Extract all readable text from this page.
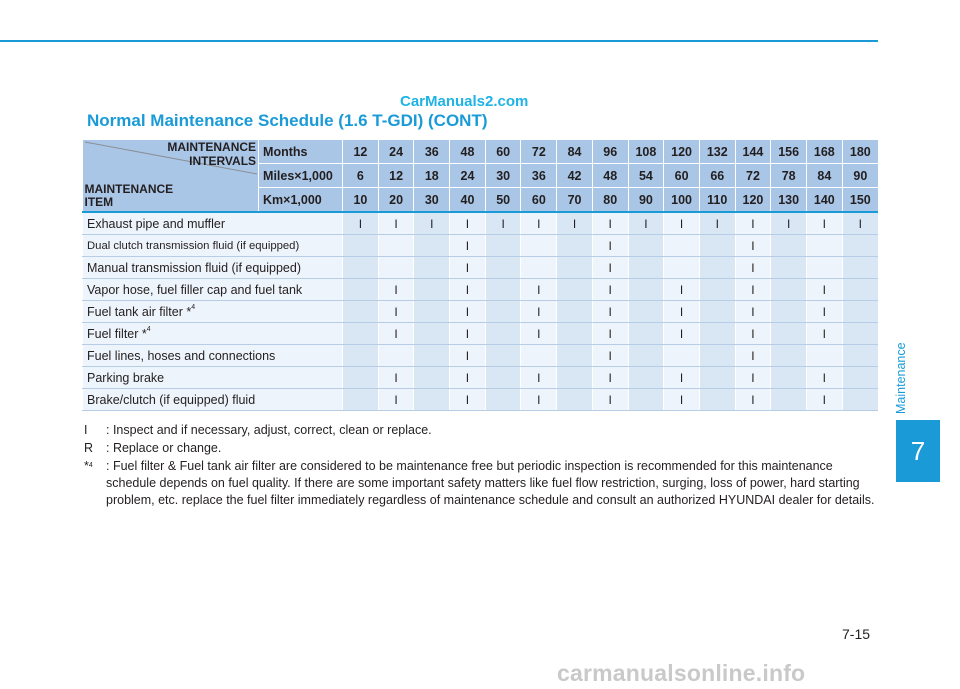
CarManuals2.com
Normal Maintenance Schedule (1.6 T-GDI) (CONT)
MAINTENANCE
INTERVALS
MAINTENANCE
ITEM	Months	12	24	36	48	60	72	84	96	108	120	132	144	156	168	180
	Miles×1,000	6	12	18	24	30	36	42	48	54	60	66	72	78	84	90
	Km×1,000	10	20	30	40	50	60	70	80	90	100	110	120	130	140	150
Exhaust pipe and muffler		I	I	I	I	I	I	I	I	I	I	I	I	I	I	I
Dual clutch transmission fluid (if equipped)					I				I				I			
Manual transmission fluid (if equipped)					I				I				I			
Vapor hose, fuel filler cap and fuel tank			I		I		I		I		I		I		I	
Fuel tank air filter *$^4$			I		I		I		I		I		I		I	
Fuel filter *$^4$			I		I		I		I		I		I		I	
Fuel lines, hoses and connections					I				I				I			
Parking brake			I		I		I		I		I		I		I	
Brake/clutch (if equipped) fluid			I		I		I		I		I		I		I	
I : Inspect and if necessary, adjust, correct, clean or replace.
R : Replace or change.
*$^4$ : Fuel filter & Fuel tank air filter are considered to be maintenance free but periodic inspection is recommended for this maintenance schedule depends on fuel quality. If there are some important safety matters like fuel flow restriction, surging, loss of power, hard starting problem, etc. replace the fuel filter immediately regardless of maintenance schedule and consult an authorized HYUNDAI dealer for details.
Maintenance
7
7-15
carmanualsonline.info
